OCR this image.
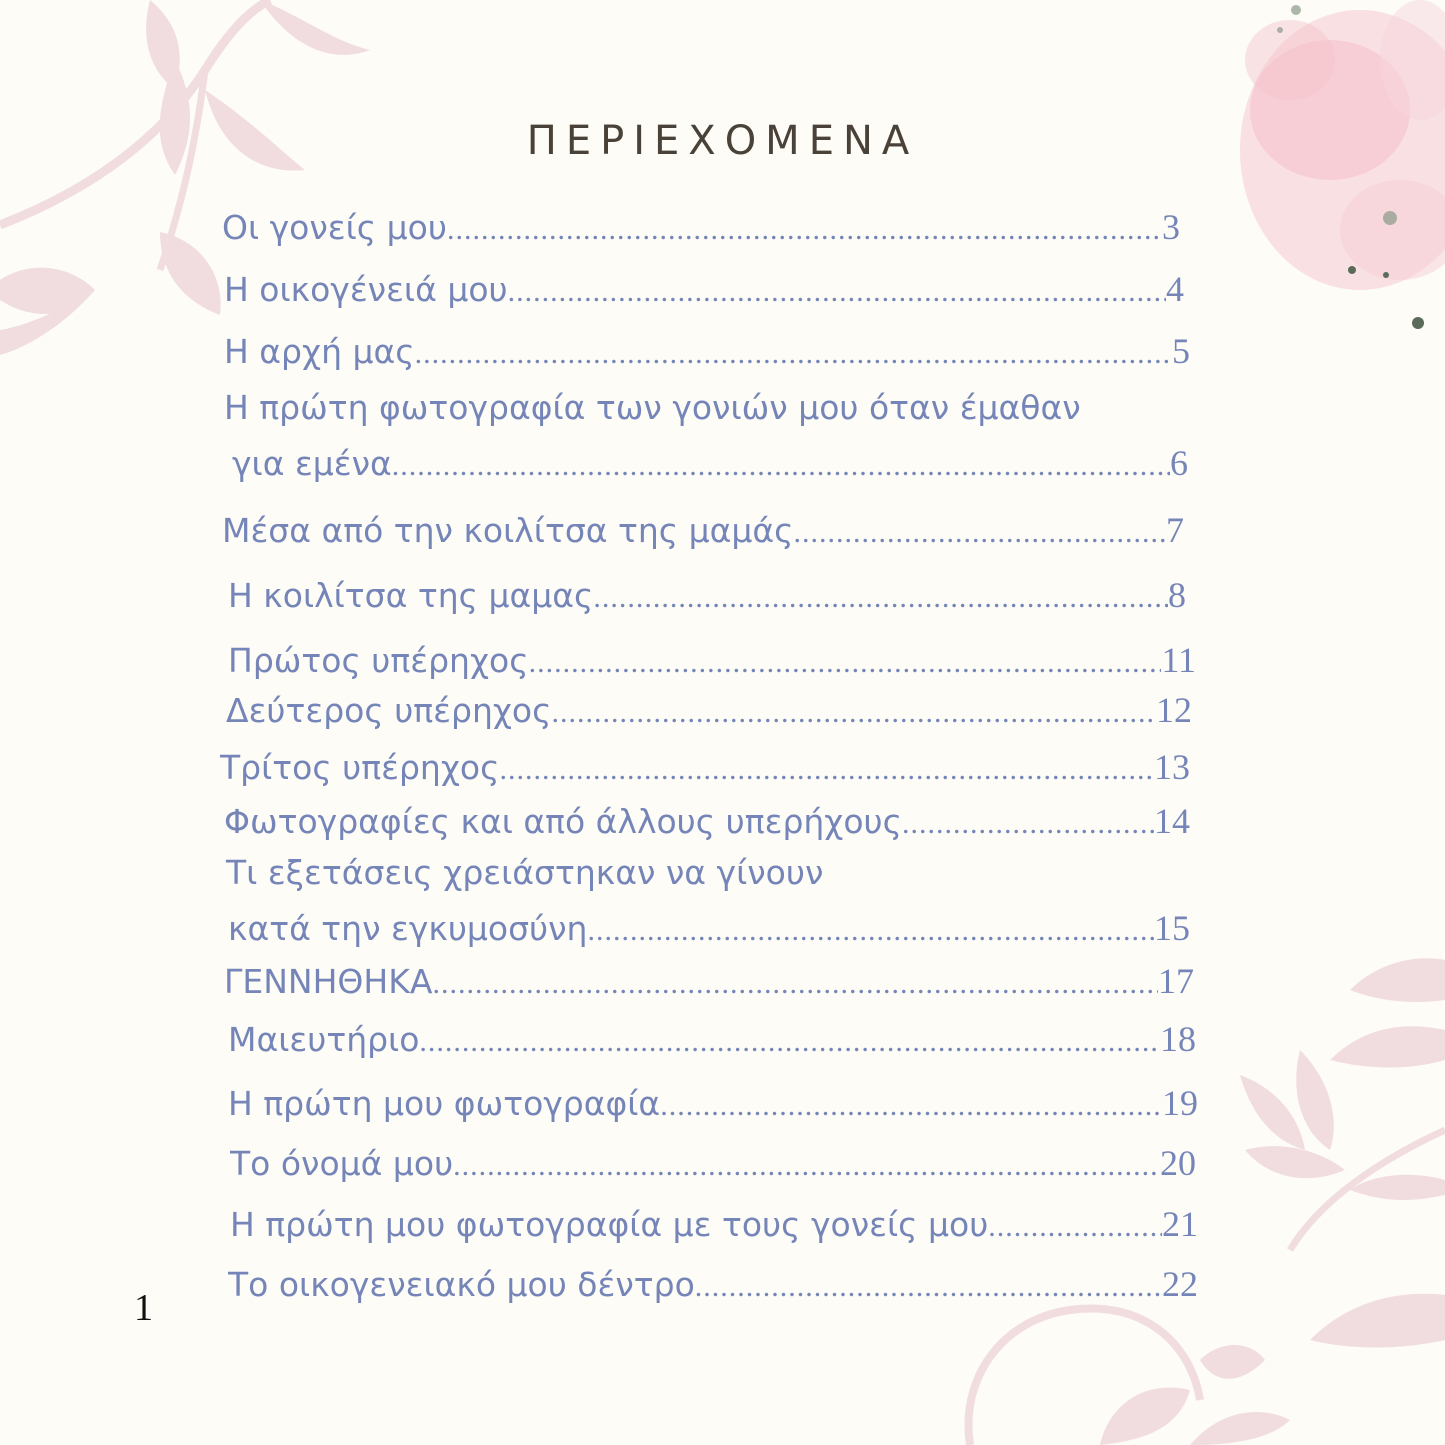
ΠΕΡΙΕΧΟΜΕΝΑ
Οι γονείς μου .....	3
Η οικογένειά μου .....	4
Η αρχή μας .....	5
Η πρώτη φωτογραφία των γονιών μου όταν έμαθαν
για εμένα .....	6
Μέσα από την κοιλίτσα της μαμάς .....	7
Η κοιλίτσα της μαμας .....	8
Πρώτος υπέρηχος .....	11
Δεύτερος υπέρηχος .....	12
Τρίτος υπέρηχος .....	13
Φωτογραφίες και από άλλους υπερήχους .....	14
Τι εξετάσεις χρειάστηκαν να γίνουν
κατά την εγκυμοσύνη .....	15
ΓΕΝΝΗΘΗΚΑ .....	17
Μαιευτήριο .....	18
Η πρώτη μου φωτογραφία .....	19
Το όνομά μου .....	20
Η πρώτη μου φωτογραφία με τους γονείς μου .....	21
Το οικογενειακό μου δέντρο .....	22
1
